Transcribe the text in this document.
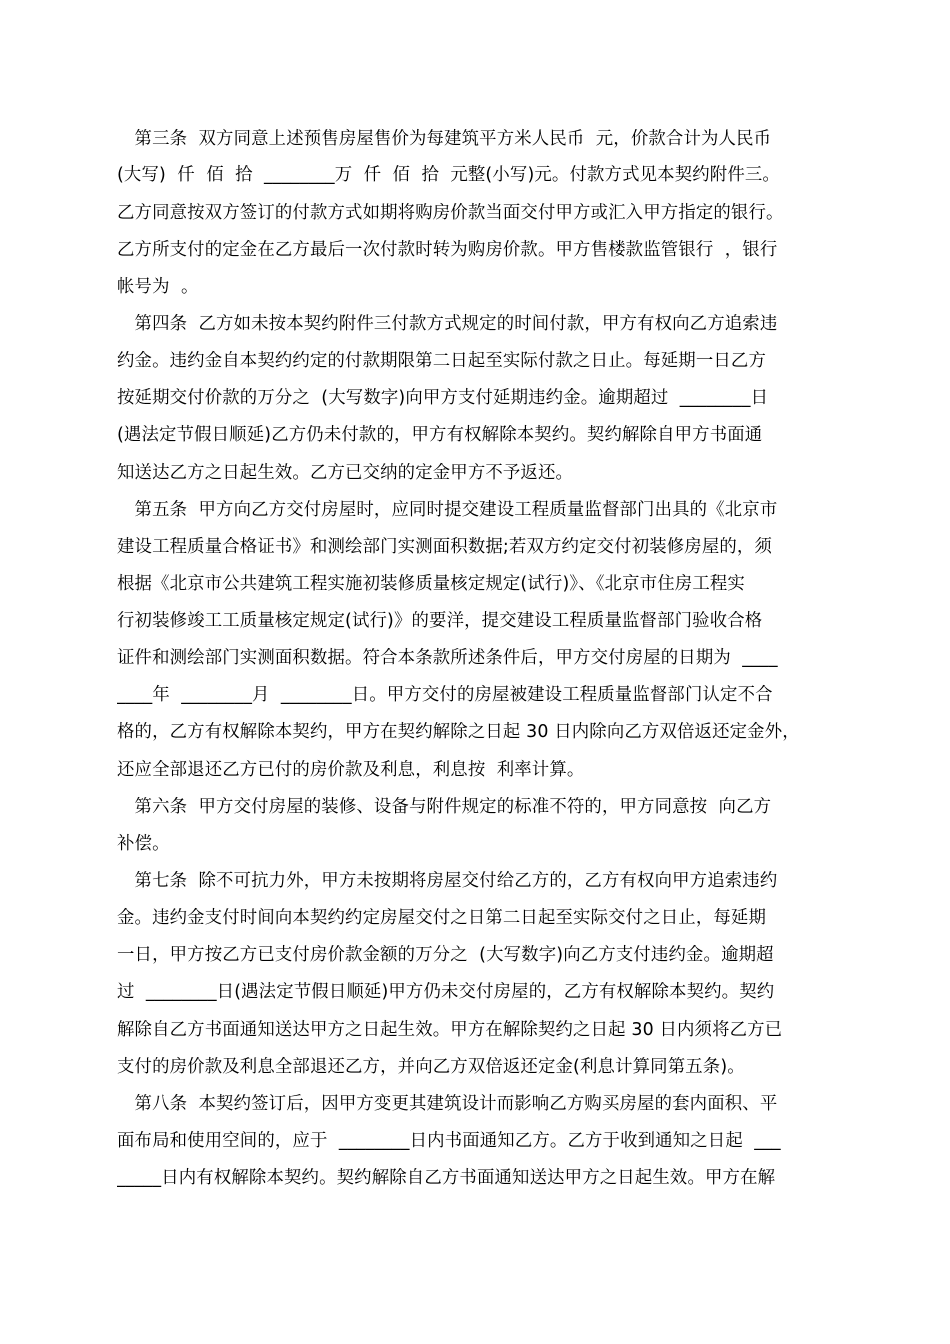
　第三条  双方同意上述预售房屋售价为每建筑平方米人民币  元，价款合计为人民币
(大写)  仟  佰  拾  ________万  仟  佰  拾  元整(小写)元。付款方式见本契约附件三。
乙方同意按双方签订的付款方式如期将购房价款当面交付甲方或汇入甲方指定的银行。
乙方所支付的定金在乙方最后一次付款时转为购房价款。甲方售楼款监管银行  ，银行
帐号为  。
　第四条  乙方如未按本契约附件三付款方式规定的时间付款，甲方有权向乙方追索违
约金。违约金自本契约约定的付款期限第二日起至实际付款之日止。每延期一日乙方
按延期交付价款的万分之  (大写数字)向甲方支付延期违约金。逾期超过  ________日
(遇法定节假日顺延)乙方仍未付款的，甲方有权解除本契约。契约解除自甲方书面通
知送达乙方之日起生效。乙方已交纳的定金甲方不予返还。
　第五条  甲方向乙方交付房屋时，应同时提交建设工程质量监督部门出具的《北京市
建设工程质量合格证书》和测绘部门实测面积数据;若双方约定交付初装修房屋的，须
根据《北京市公共建筑工程实施初装修质量核定规定(试行)》、《北京市住房工程实
行初装修竣工工质量核定规定(试行)》的要洋，提交建设工程质量监督部门验收合格
证件和测绘部门实测面积数据。符合本条款所述条件后，甲方交付房屋的日期为  ____
____年  ________月  ________日。甲方交付的房屋被建设工程质量监督部门认定不合
格的，乙方有权解除本契约，甲方在契约解除之日起 30 日内除向乙方双倍返还定金外，
还应全部退还乙方已付的房价款及利息，利息按  利率计算。
　第六条  甲方交付房屋的装修、设备与附件规定的标准不符的，甲方同意按  向乙方
补偿。
　第七条  除不可抗力外，甲方未按期将房屋交付给乙方的，乙方有权向甲方追索违约
金。违约金支付时间向本契约约定房屋交付之日第二日起至实际交付之日止，每延期
一日，甲方按乙方已支付房价款金额的万分之  (大写数字)向乙方支付违约金。逾期超
过  ________日(遇法定节假日顺延)甲方仍未交付房屋的，乙方有权解除本契约。契约
解除自乙方书面通知送达甲方之日起生效。甲方在解除契约之日起 30 日内须将乙方已
支付的房价款及利息全部退还乙方，并向乙方双倍返还定金(利息计算同第五条)。
　第八条  本契约签订后，因甲方变更其建筑设计而影响乙方购买房屋的套内面积、平
面布局和使用空间的，应于  ________日内书面通知乙方。乙方于收到通知之日起  ___
_____日内有权解除本契约。契约解除自乙方书面通知送达甲方之日起生效。甲方在解
